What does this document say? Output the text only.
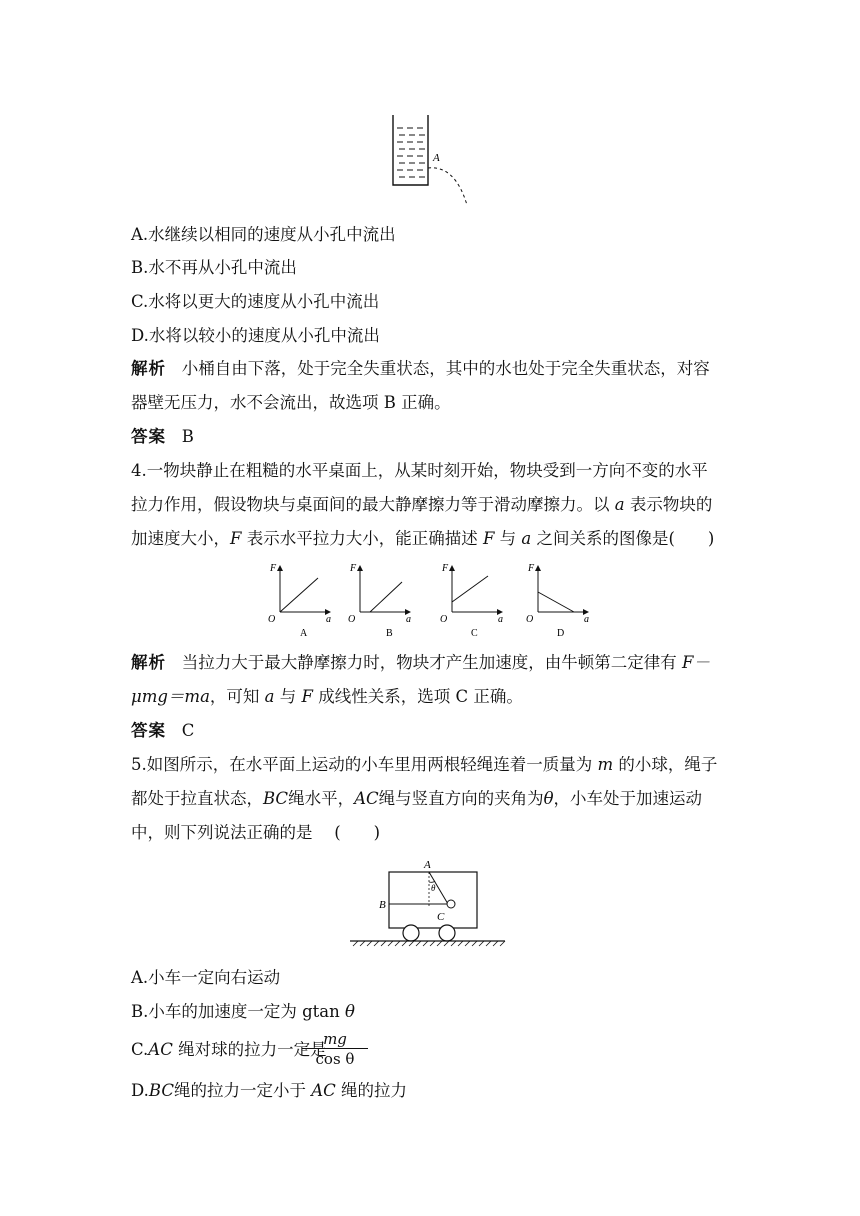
A
A.水继续以相同的速度从小孔中流出
B.水不再从小孔中流出
C.水将以更大的速度从小孔中流出
D.水将以较小的速度从小孔中流出
解析 小桶自由下落，处于完全失重状态，其中的水也处于完全失重状态，对容
器壁无压力，水不会流出，故选项 B 正确。
答案 B
4.一物块静止在粗糙的水平桌面上，从某时刻开始，物块受到一方向不变的水平
拉力作用，假设物块与桌面间的最大静摩擦力等于滑动摩擦力。以 a 表示物块的
加速度大小，F 表示水平拉力大小，能正确描述 F 与 a 之间关系的图像是(　　)
F
a
O
A
F
a
O
B
F
a
O
C
F
a
O
D
解析 当拉力大于最大静摩擦力时，物块才产生加速度，由牛顿第二定律有 F－
μmg＝ma，可知 a 与 F 成线性关系，选项 C 正确。
答案 C
5.如图所示，在水平面上运动的小车里用两根轻绳连着一质量为 m 的小球，绳子
都处于拉直状态，BC绳水平，AC绳与竖直方向的夹角为θ，小车处于加速运动
中，则下列说法正确的是　 (　　)
A
B
C
θ
A.小车一定向右运动
B.小车的加速度一定为 gtan θ
C.AC 绳对球的拉力一定是
mg
cos θ
D.BC绳的拉力一定小于 AC 绳的拉力
